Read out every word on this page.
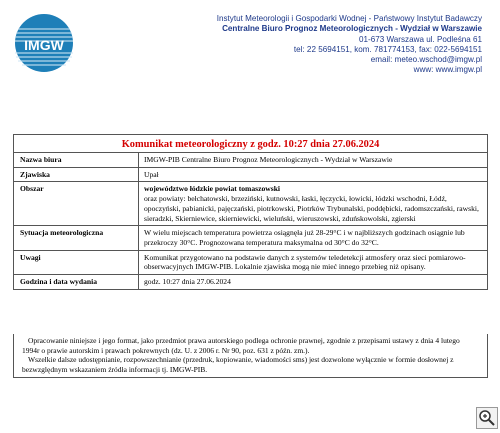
IMGW
Instytut Meteorologii i Gospodarki Wodnej - Państwowy Instytut Badawczy
Centralne Biuro Prognoz Meteorologicznych - Wydział w Warszawie
01-673 Warszawa ul. Podleśna 61
tel: 22 5694151, kom. 781774153, fax: 022-5694151
email: meteo.wschod@imgw.pl
www: www.imgw.pl
Komunikat meteorologiczny z godz. 10:27 dnia 27.06.2024
Nazwa biura	IMGW-PIB Centralne Biuro Prognoz Meteorologicznych - Wydział w Warszawie
Zjawiska	Upał
Obszar	województwo łódzkie powiat tomaszowski
oraz powiaty: bełchatowski, brzeziński, kutnowski, łaski, łęczycki, łowicki, łódzki wschodni, Łódź, opoczyński, pabianicki, pajęczański, piotrkowski, Piotrków Trybunalski, poddębicki, radomszczański, rawski, sieradzki, Skierniewice, skierniewicki, wieluński, wieruszowski, zduńskowolski, zgierski

Sytuacja meteorologiczna	W wielu miejscach temperatura powietrza osiągnęła już 28-29°C i w najbliższych godzinach osiągnie lub przekroczy 30°C. Prognozowana temperatura maksymalna od 30°C do 32°C.
Uwagi	Komunikat przygotowano na podstawie danych z systemów teledetekcji atmosfery oraz sieci pomiarowo-obserwacyjnych IMGW-PIB. Lokalnie zjawiska mogą nie mieć innego przebieg niż opisany.
Godzina i data wydania	godz. 10:27 dnia 27.06.2024

Opracowanie niniejsze i jego format, jako przedmiot prawa autorskiego podlega ochronie prawnej, zgodnie z przepisami ustawy z dnia 4 lutego 1994r o prawie autorskim i prawach pokrewnych (dz. U. z 2006 r. Nr 90, poz. 631 z późn. zm.).

Wszelkie dalsze udostępnianie, rozpowszechnianie (przedruk, kopiowanie, wiadomości sms) jest dozwolone wyłącznie w formie dosłownej z bezwzględnym wskazaniem źródła informacji tj. IMGW-PIB.
